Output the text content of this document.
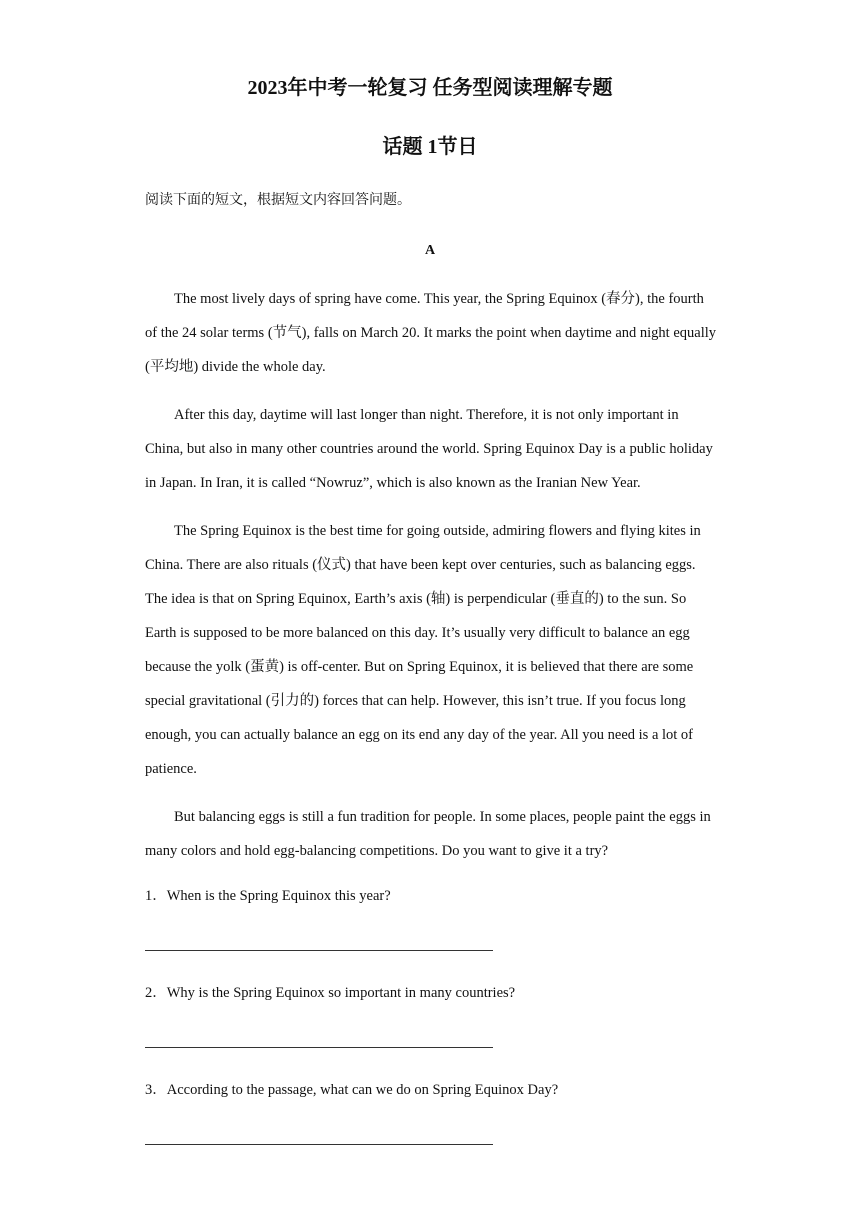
2023年中考一轮复习 任务型阅读理解专题
话题 1节日
阅读下面的短文，根据短文内容回答问题。
A

The most lively days of spring have come. This year, the Spring Equinox (春分), the fourth of the 24 solar terms (节气), falls on March 20. It marks the point when daytime and night equally (平均地) divide the whole day.

After this day, daytime will last longer than night. Therefore, it is not only important in China, but also in many other countries around the world. Spring Equinox Day is a public holiday in Japan. In Iran, it is called “Nowruz”, which is also known as the Iranian New Year.

The Spring Equinox is the best time for going outside, admiring flowers and flying kites in China. There are also rituals (仪式) that have been kept over centuries, such as balancing eggs. The idea is that on Spring Equinox, Earth’s axis (轴) is perpendicular (垂直的) to the sun. So Earth is supposed to be more balanced on this day. It’s usually very difficult to balance an egg because the yolk (蛋黄) is off-center. But on Spring Equinox, it is believed that there are some special gravitational (引力的) forces that can help. However, this isn’t true. If you focus long enough, you can actually balance an egg on its end any day of the year. All you need is a lot of patience.

But balancing eggs is still a fun tradition for people. In some places, people paint the eggs in many colors and hold egg-balancing competitions. Do you want to give it a try?

1．When is the Spring Equinox this year?
2．Why is the Spring Equinox so important in many countries?
3．According to the passage, what can we do on Spring Equinox Day?
